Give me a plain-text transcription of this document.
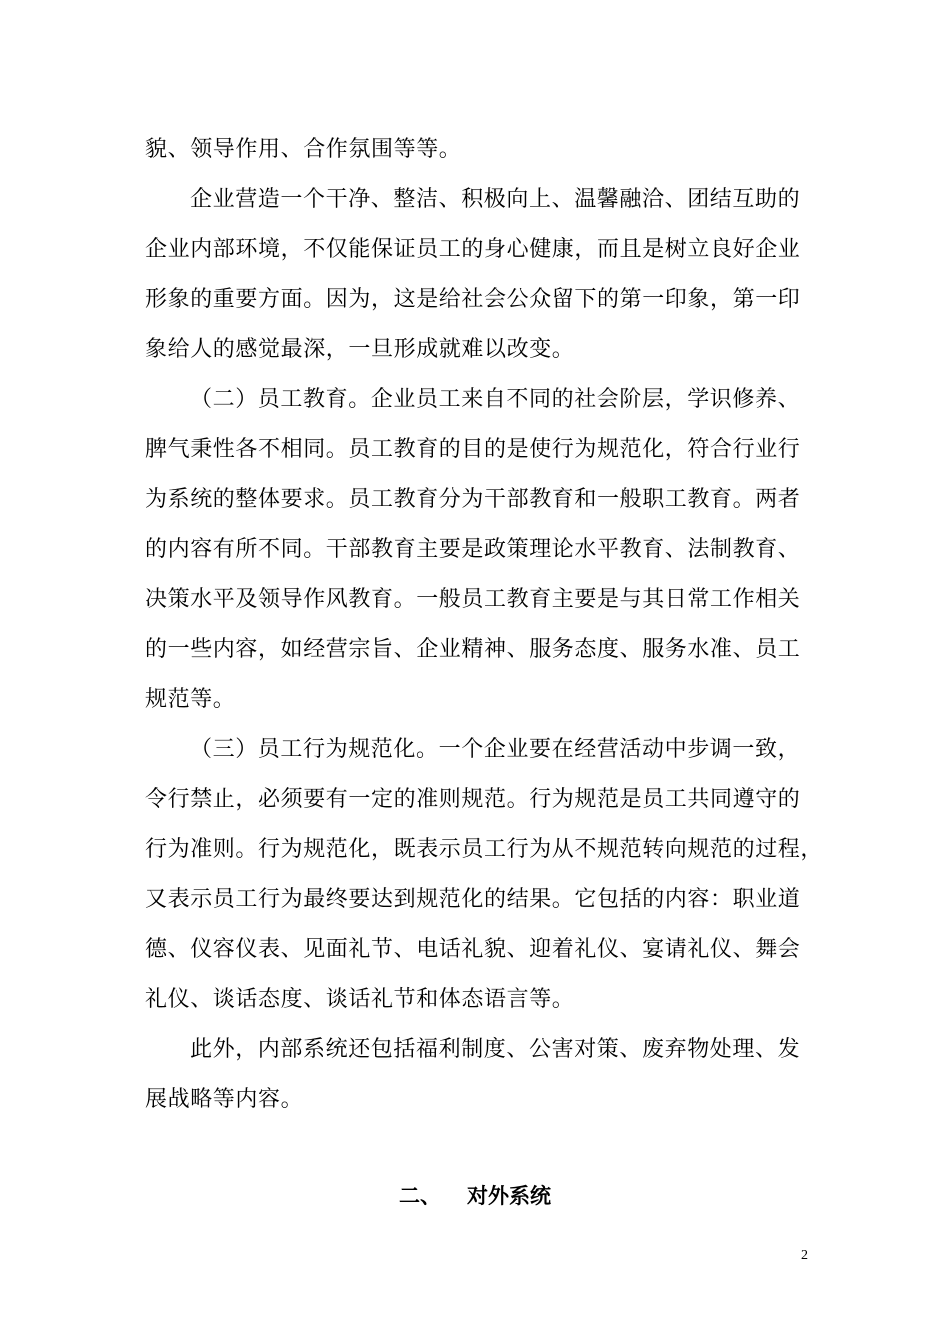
貌、领导作用、合作氛围等等。
企业营造一个干净、整洁、积极向上、温馨融洽、团结互助的
企业内部环境，不仅能保证员工的身心健康，而且是树立良好企业
形象的重要方面。因为，这是给社会公众留下的第一印象，第一印
象给人的感觉最深，一旦形成就难以改变。
（二）员工教育。企业员工来自不同的社会阶层，学识修养、
脾气秉性各不相同。员工教育的目的是使行为规范化，符合行业行
为系统的整体要求。员工教育分为干部教育和一般职工教育。两者
的内容有所不同。干部教育主要是政策理论水平教育、法制教育、
决策水平及领导作风教育。一般员工教育主要是与其日常工作相关
的一些内容，如经营宗旨、企业精神、服务态度、服务水准、员工
规范等。
（三）员工行为规范化。一个企业要在经营活动中步调一致，
令行禁止，必须要有一定的准则规范。行为规范是员工共同遵守的
行为准则。行为规范化，既表示员工行为从不规范转向规范的过程，
又表示员工行为最终要达到规范化的结果。它包括的内容：职业道
德、仪容仪表、见面礼节、电话礼貌、迎着礼仪、宴请礼仪、舞会
礼仪、谈话态度、谈话礼节和体态语言等。
此外，内部系统还包括福利制度、公害对策、废弃物处理、发
展战略等内容。
二、 对外系统
2
